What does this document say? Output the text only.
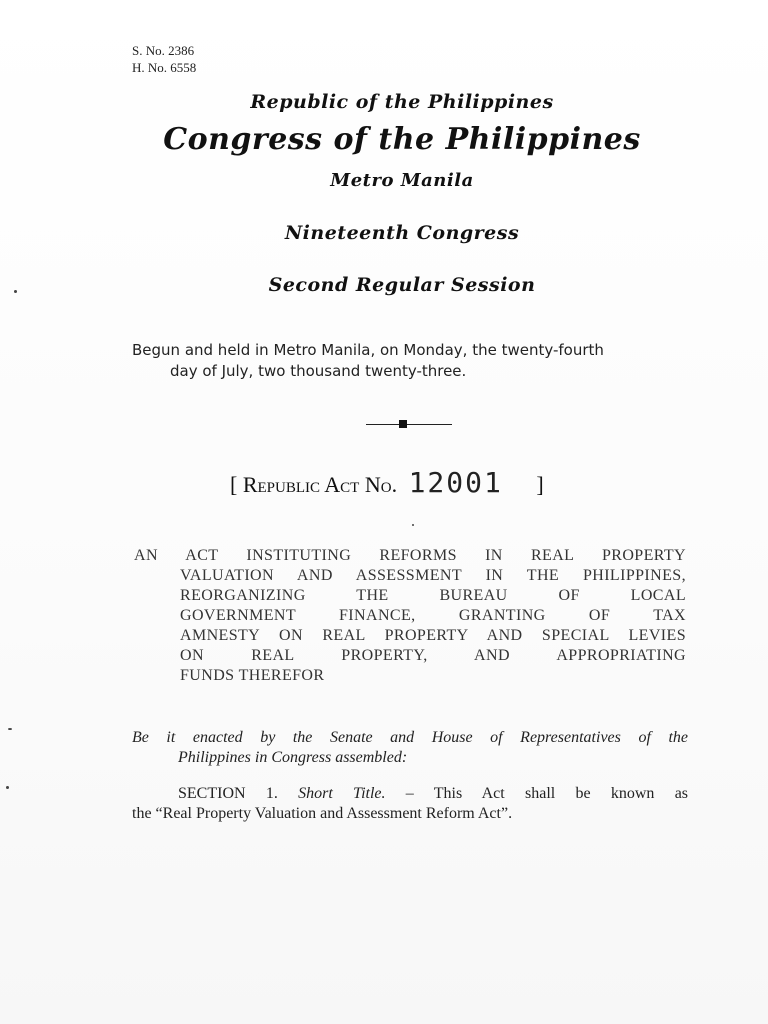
S. No. 2386
H. No. 6558
Republic of the Philippines
Congress of the Philippines
Metro Manila
Nineteenth Congress
Second Regular Session
Begun and held in Metro Manila, on Monday, the twenty-fourth
day of July, two thousand twenty-three.
[ Republic Act No. 12001 ]
AN ACT INSTITUTING REFORMS IN REAL PROPERTY
VALUATION AND ASSESSMENT IN THE PHILIPPINES,
REORGANIZING THE BUREAU OF LOCAL
GOVERNMENT FINANCE, GRANTING OF TAX
AMNESTY ON REAL PROPERTY AND SPECIAL LEVIES
ON REAL PROPERTY, AND APPROPRIATING
FUNDS THEREFOR
Be it enacted by the Senate and House of Representatives of the
Philippines in Congress assembled:
SECTION 1. Short Title. – This Act shall be known as
the “Real Property Valuation and Assessment Reform Act”.
